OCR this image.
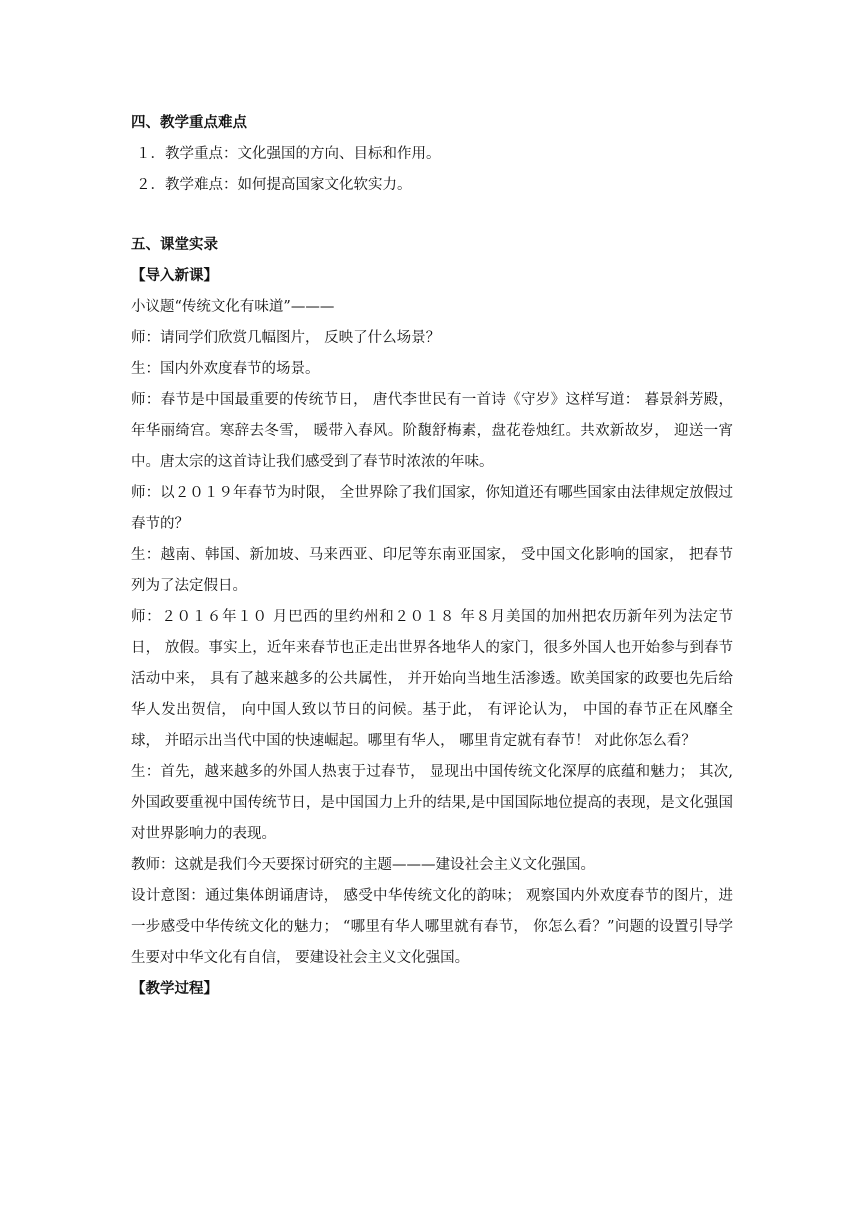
四、教学重点难点

１．教学重点：文化强国的方向、目标和作用。

２．教学难点：如何提高国家文化软实力。

五、课堂实录

【导入新课】

小议题“传统文化有味道”———

师：请同学们欣赏几幅图片， 反映了什么场景？

生：国内外欢度春节的场景。

师：春节是中国最重要的传统节日， 唐代李世民有一首诗《守岁》这样写道： 暮景斜芳殿，年华丽绮宫。寒辞去冬雪， 暖带入春风。阶馥舒梅素，盘花卷烛红。共欢新故岁， 迎送一宵中。唐太宗的这首诗让我们感受到了春节时浓浓的年味。

师：以２０１９年春节为时限， 全世界除了我们国家，你知道还有哪些国家由法律规定放假过春节的？

生：越南、韩国、新加坡、马来西亚、印尼等东南亚国家， 受中国文化影响的国家， 把春节列为了法定假日。

师：２０１６年１０ 月巴西的里约州和２０１８ 年８月美国的加州把农历新年列为法定节日， 放假。事实上，近年来春节也正走出世界各地华人的家门，很多外国人也开始参与到春节活动中来， 具有了越来越多的公共属性， 并开始向当地生活渗透。欧美国家的政要也先后给华人发出贺信， 向中国人致以节日的问候。基于此， 有评论认为， 中国的春节正在风靡全球， 并昭示出当代中国的快速崛起。哪里有华人， 哪里肯定就有春节！ 对此你怎么看？

生：首先，越来越多的外国人热衷于过春节， 显现出中国传统文化深厚的底蕴和魅力； 其次,外国政要重视中国传统节日，是中国国力上升的结果,是中国国际地位提高的表现，是文化强国对世界影响力的表现。

教师：这就是我们今天要探讨研究的主题———建设社会主义文化强国。

设计意图：通过集体朗诵唐诗， 感受中华传统文化的韵味； 观察国内外欢度春节的图片，进一步感受中华传统文化的魅力； “哪里有华人哪里就有春节， 你怎么看？”问题的设置引导学生要对中华文化有自信， 要建设社会主义文化强国。

【教学过程】
